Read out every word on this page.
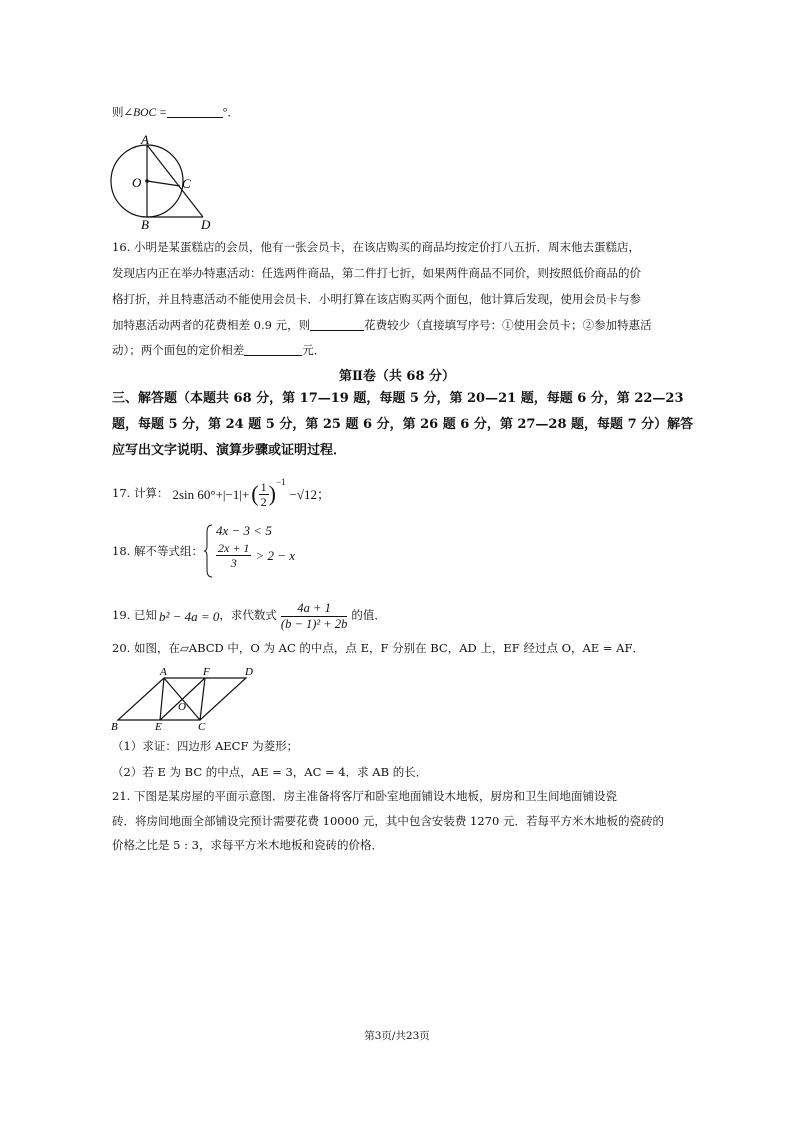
则∠BOC =	°．
A
O	C
B	D
16. 小明是某蛋糕店的会员，他有一张会员卡，在该店购买的商品均按定价打八五折．周末他去蛋糕店，
发现店内正在举办特惠活动：任选两件商品，第二件打七折，如果两件商品不同价，则按照低价商品的价
格打折，并且特惠活动不能使用会员卡．小明打算在该店购买两个面包，他计算后发现，使用会员卡与参
加特惠活动两者的花费相差 0.9 元，则	花费较少（直接填写序号：①使用会员卡；②参加特惠活
动）；两个面包的定价相差	元．
第Ⅱ卷（共 68 分）
三、解答题（本题共 68 分，第 17—19 题，每题 5 分，第 20—21 题，每题 6 分，第 22—23
题，每题 5 分，第 24 题 5 分，第 25 题 6 分，第 26 题 6 分，第 27—28 题，每题 7 分）解答
应写出文字说明、演算步骤或证明过程．
17. 计算： 2sin 60°+|−1|+ ( $\frac{1}{2}$ ) −1
−√12；
18. 解不等式组：
4x − 3 < 5
$\frac{2x + 1}{3} > 2 - x$
19. 已知 b² − 4a = 0 ，求代数式 $\frac{4a + 1}{\text{(b − 1)² + 2b}}$ 的值．
20. 如图，在▱ABCD 中，O 为 AC 的中点，点 E，F 分别在 BC，AD 上，EF 经过点 O，AE = AF．
A	F	D
O
B	E	C
（1）求证：四边形 AECF 为菱形；
（2）若 E 为 BC 的中点，AE = 3，AC = 4．求 AB 的长．
21. 下图是某房屋的平面示意图．房主准备将客厅和卧室地面铺设木地板，厨房和卫生间地面铺设瓷
砖．将房间地面全部铺设完预计需要花费 10000 元，其中包含安装费 1270 元．若每平方米木地板的瓷砖的
价格之比是 5 : 3，求每平方米木地板和瓷砖的价格．
第3页/共23页
